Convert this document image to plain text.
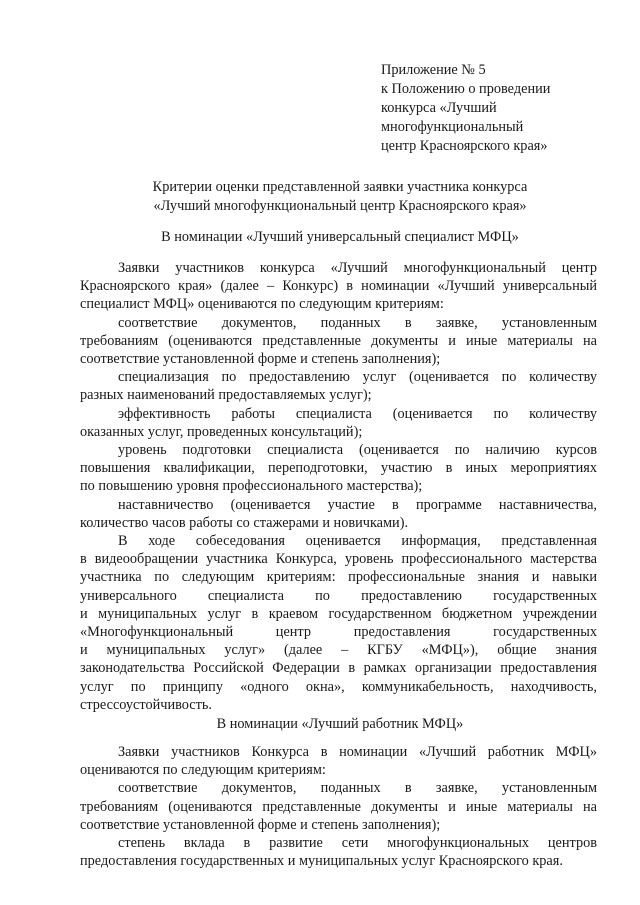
Приложение № 5
к Положению о проведении
конкурса «Лучший
многофункциональный
центр Красноярского края»
Критерии оценки представленной заявки участника конкурса
«Лучший многофункциональный центр Красноярского края»
В номинации «Лучший универсальный специалист МФЦ»
Заявки участников конкурса «Лучший многофункциональный центр
Красноярского края» (далее – Конкурс) в номинации «Лучший универсальный
специалист МФЦ» оцениваются по следующим критериям:
соответствие документов, поданных в заявке, установленным
требованиям (оцениваются представленные документы и иные материалы на
соответствие установленной форме и степень заполнения);
специализация по предоставлению услуг (оценивается по количеству
разных наименований предоставляемых услуг);
эффективность работы специалиста (оценивается по количеству
оказанных услуг, проведенных консультаций);
уровень подготовки специалиста (оценивается по наличию курсов
повышения квалификации, переподготовки, участию в иных мероприятиях
по повышению уровня профессионального мастерства);
наставничество (оценивается участие в программе наставничества,
количество часов работы со стажерами и новичками).
В ходе собеседования оценивается информация, представленная
в видеообращении участника Конкурса, уровень профессионального мастерства
участника по следующим критериям: профессиональные знания и навыки
универсального специалиста по предоставлению государственных
и муниципальных услуг в краевом государственном бюджетном учреждении
«Многофункциональный центр предоставления государственных
и муниципальных услуг» (далее – КГБУ «МФЦ»), общие знания
законодательства Российской Федерации в рамках организации предоставления
услуг по принципу «одного окна», коммуникабельность, находчивость,
стрессоустойчивость.
В номинации «Лучший работник МФЦ»
Заявки участников Конкурса в номинации «Лучший работник МФЦ»
оцениваются по следующим критериям:
соответствие документов, поданных в заявке, установленным
требованиям (оцениваются представленные документы и иные материалы на
соответствие установленной форме и степень заполнения);
степень вклада в развитие сети многофункциональных центров
предоставления государственных и муниципальных услуг Красноярского края.
